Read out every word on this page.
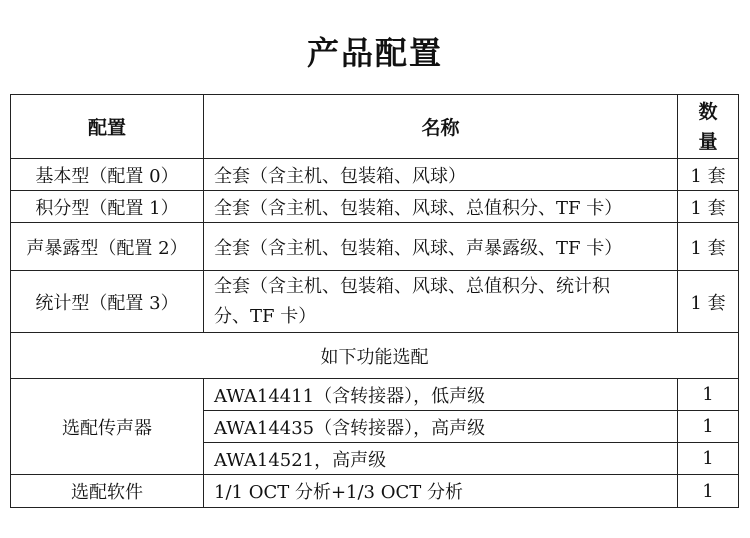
产品配置
配置	名称	数
量
基本型（配置 0）	全套（含主机、包装箱、风球）	1 套
积分型（配置 1）	全套（含主机、包装箱、风球、总值积分、TF 卡）	1 套
声暴露型（配置 2）	全套（含主机、包装箱、风球、声暴露级、TF 卡）	1 套
统计型（配置 3）	全套（含主机、包装箱、风球、总值积分、统计积
分、TF 卡）	1 套
如下功能选配		
选配传声器	AWA14411（含转接器），低声级	1
	AWA14435（含转接器），高声级	1
	AWA14521，高声级	1
选配软件	1/1 OCT 分析+1/3 OCT 分析	1
